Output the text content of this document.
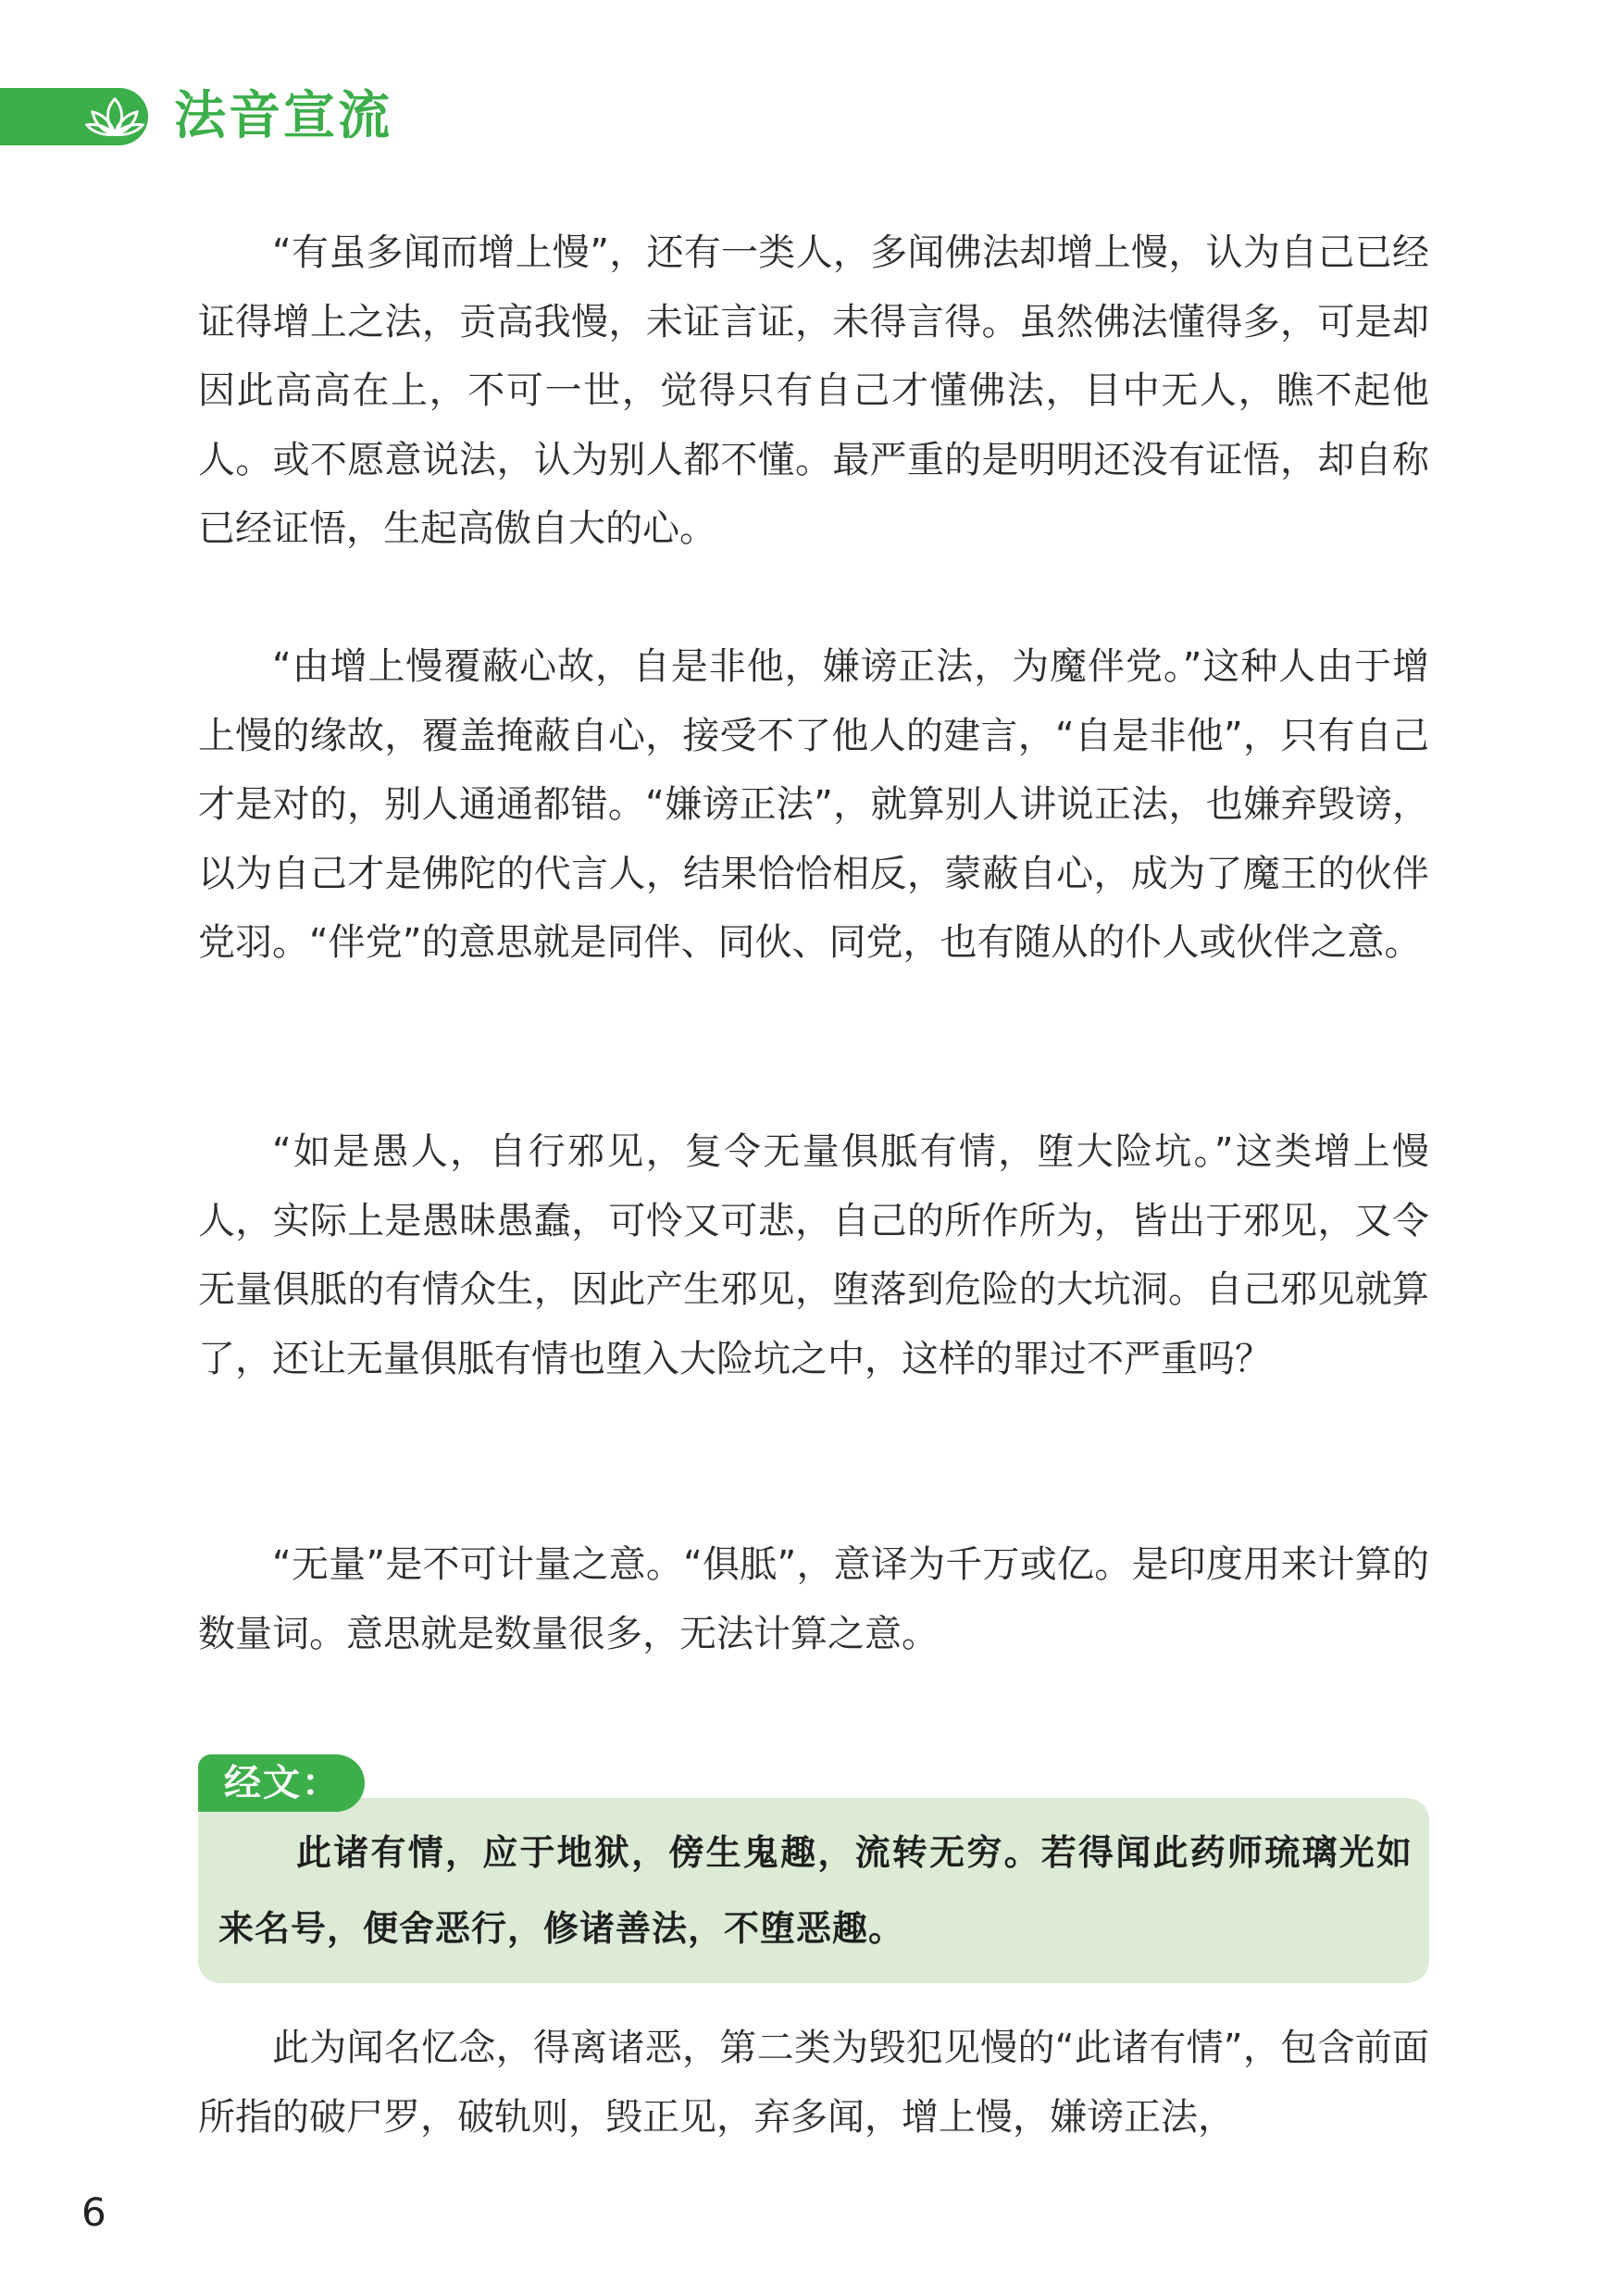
法音宣流

“有虽多闻而增上慢”，还有一类人，多闻佛法却增上慢，认为自己已经证得增上之法，贡高我慢，未证言证，未得言得。虽然佛法懂得多，可是却因此高高在上，不可一世，觉得只有自己才懂佛法，目中无人，瞧不起他人。或不愿意说法，认为别人都不懂。最严重的是明明还没有证悟，却自称已经证悟，生起高傲自大的心。

“由增上慢覆蔽心故，自是非他，嫌谤正法，为魔伴党。”这种人由于增上慢的缘故，覆盖掩蔽自心，接受不了他人的建言，“自是非他”，只有自己才是对的，别人通通都错。“嫌谤正法”，就算别人讲说正法，也嫌弃毁谤，以为自己才是佛陀的代言人，结果恰恰相反，蒙蔽自心，成为了魔王的伙伴党羽。“伴党”的意思就是同伴、同伙、同党，也有随从的仆人或伙伴之意。

“如是愚人，自行邪见，复令无量俱胝有情，堕大险坑。”这类增上慢人，实际上是愚昧愚蠢，可怜又可悲，自己的所作所为，皆出于邪见，又令无量俱胝的有情众生，因此产生邪见，堕落到危险的大坑洞。自己邪见就算了，还让无量俱胝有情也堕入大险坑之中，这样的罪过不严重吗？

“无量”是不可计量之意。“俱胝”，意译为千万或亿。是印度用来计算的数量词。意思就是数量很多，无法计算之意。

经文：

此诸有情，应于地狱，傍生鬼趣，流转无穷。若得闻此药师琉璃光如来名号，便舍恶行，修诸善法，不堕恶趣。

此为闻名忆念，得离诸恶，第二类为毁犯见慢的“此诸有情”，包含前面所指的破尸罗，破轨则，毁正见，弃多闻，增上慢，嫌谤正法，

6
